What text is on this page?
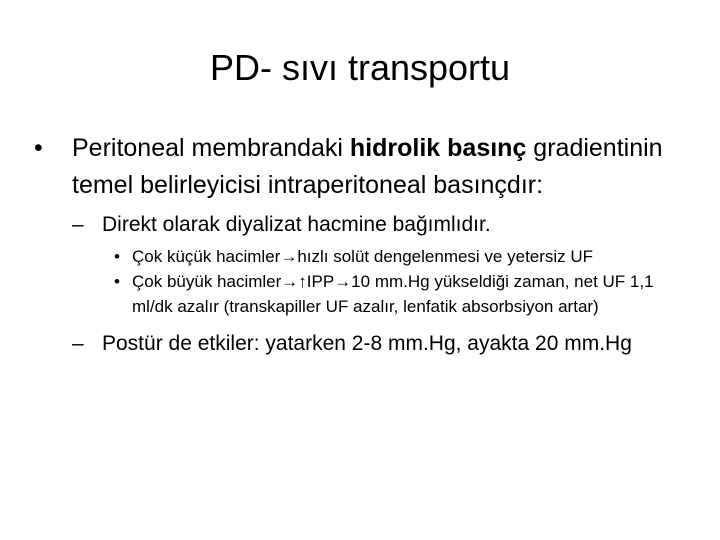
PD- sıvı transportu
• Peritoneal membrandaki hidrolik basınç gradientinin temel belirleyicisi intraperitoneal basınçdır:
– Direkt olarak diyalizat hacmine bağımlıdır.
• Çok küçük hacimler→hızlı solüt dengelenmesi ve yetersiz UF
• Çok büyük hacimler→↑IPP→10 mm.Hg yükseldiği zaman, net UF 1,1 ml/dk azalır (transkapiller UF azalır, lenfatik absorbsiyon artar)
– Postür de etkiler: yatarken 2-8 mm.Hg, ayakta 20 mm.Hg
